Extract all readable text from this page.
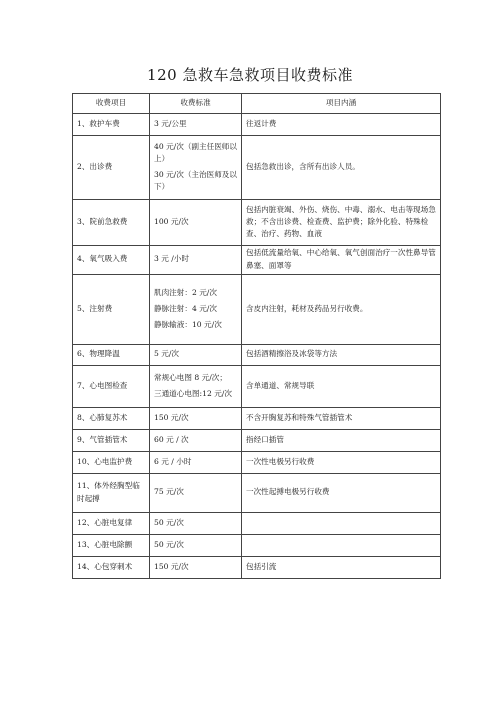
120 急救车急救项目收费标准
收费项目	收费标准	项目内涵
1、救护车费	3 元/公里	往返计费
2、出诊费	40 元/次（副主任医师以上）
30 元/次（主治医师及以下）	包括急救出诊，含所有出诊人员。
3、院前急救费	100 元/次	包括内脏衰竭、外伤、烧伤、中毒、溺水、电击等现场急救；不含出诊费、检查费、监护费；除外化验、特殊检查、治疗、药物、血液
4、氧气吸入费	3 元 /小时	包括低流量给氧、中心给氧、氧气创面治疗一次性鼻导管鼻塞、面罩等
5、注射费	肌肉注射：2 元/次
静脉注射：4 元/次
静脉输液：10 元/次	含皮内注射，耗材及药品另行收费。
6、物理降温	5 元/次	包括酒精擦浴及冰袋等方法
7、心电图检查	常规心电图 8 元/次；
三通道心电图:12 元/次	含单通道、常规导联
8、心肺复苏术	150 元/次	不含开胸复苏和特殊气管插管术
9、气管插管术	60 元 / 次	指经口插管
10、心电监护费	6 元 / 小时	一次性电极另行收费
11、体外经胸型临时起搏	75 元/次	一次性起搏电极另行收费
12、心脏电复律	50 元/次	
13、心脏电除颤	50 元/次	
14、心包穿刺术	150 元/次	包括引流
